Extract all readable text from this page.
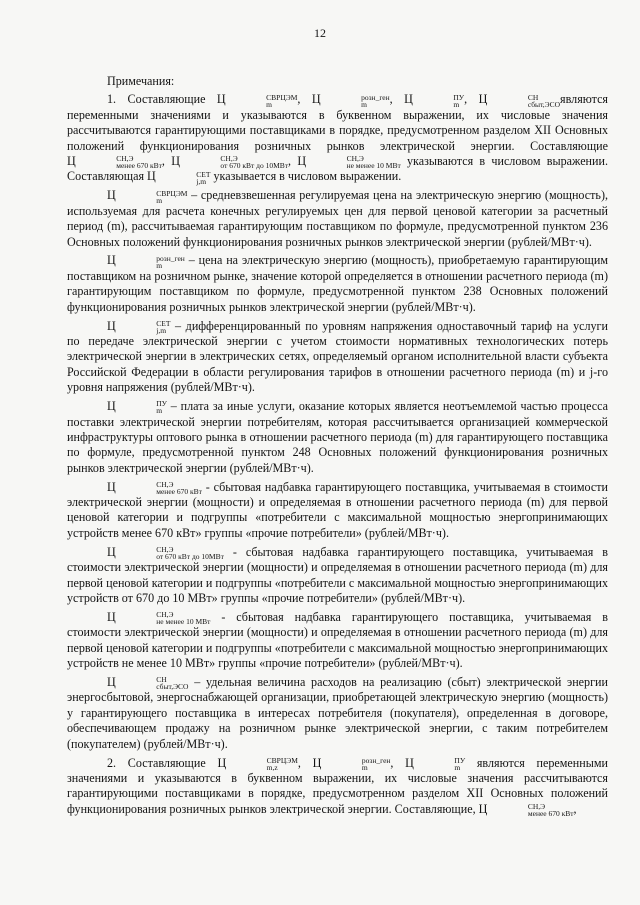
12

Примечания:

1. Составляющие Ц	СВРЦЭМ
m	, Ц	розн_ген
m	, Ц	ПУ
m , Ц	СН
сбыт,ЭСО являются переменными значениями и указываются в буквенном выражении, их числовые значения рассчитываются гарантирующими поставщиками в порядке, предусмотренном разделом XII Основных положений функционирования розничных рынков электрической энергии. Составляющие Ц	СН,Э
менее 670 кВт , Ц	СН,Э
от 670 кВт до 10МВт , Ц	СН,Э
не менее 10 МВт указываются в числовом выражении. Составляющая Ц	СЕТ
j,m указывается в числовом выражении.

Ц	СВРЦЭМ
m	– средневзвешенная регулируемая цена на электрическую энергию (мощность), используемая для расчета конечных регулируемых цен для первой ценовой категории за расчетный период (m), рассчитываемая гарантирующим поставщиком по формуле, предусмотренной пунктом 236 Основных положений функционирования розничных рынков электрической энергии (рублей/МВт·ч).

Ц	розн_ген
m	– цена на электрическую энергию (мощность), приобретаемую гарантирующим поставщиком на розничном рынке, значение которой определяется в отношении расчетного периода (m) гарантирующим поставщиком по формуле, предусмотренной пунктом 238 Основных положений функционирования розничных рынков электрической энергии (рублей/МВт·ч).

Ц	СЕТ
j,m – дифференцированный по уровням напряжения одноставочный тариф на услуги по передаче электрической энергии с учетом стоимости нормативных технологических потерь электрической энергии в электрических сетях, определяемый органом исполнительной власти субъекта Российской Федерации в области регулирования тарифов в отношении расчетного периода (m) и j-го уровня напряжения (рублей/МВт·ч).

Ц	ПУ
m – плата за иные услуги, оказание которых является неотъемлемой частью процесса поставки электрической энергии потребителям, которая рассчитывается организацией коммерческой инфраструктуры оптового рынка в отношении расчетного периода (m) для гарантирующего поставщика по формуле, предусмотренной пунктом 248 Основных положений функционирования розничных рынков электрической энергии (рублей/МВт·ч).

Ц	СН,Э
менее 670 кВт - сбытовая надбавка гарантирующего поставщика, учитываемая в стоимости электрической энергии (мощности) и определяемая в отношении расчетного периода (m) для первой ценовой категории и подгруппы «потребители с максимальной мощностью энергопринимающих устройств менее 670 кВт» группы «прочие потребители» (рублей/МВт·ч).

Ц	СН,Э
от 670 кВт до 10МВт - сбытовая надбавка гарантирующего поставщика, учитываемая в стоимости электрической энергии (мощности) и определяемая в отношении расчетного периода (m) для первой ценовой категории и подгруппы «потребители с максимальной мощностью энергопринимающих устройств от 670 до 10 МВт» группы «прочие потребители» (рублей/МВт·ч).

Ц	СН,Э
не менее 10 МВт - сбытовая надбавка гарантирующего поставщика, учитываемая в стоимости электрической энергии (мощности) и определяемая в отношении расчетного периода (m) для первой ценовой категории и подгруппы «потребители с максимальной мощностью энергопринимающих устройств не менее 10 МВт» группы «прочие потребители» (рублей/МВт·ч).

Ц	СН
сбыт,ЭСО – удельная величина расходов на реализацию (сбыт) электрической энергии энергосбытовой, энергоснабжающей организации, приобретающей электрическую энергию (мощность) у гарантирующего поставщика в интересах потребителя (покупателя), определенная в договоре, обеспечивающем продажу на розничном рынке электрической энергии, с таким потребителем (покупателем) (рублей/МВт·ч).

2. Составляющие Ц	СВРЦЭМ
m,z	, Ц	розн_ген
m	, Ц	ПУ
m	являются переменными значениями и указываются в буквенном выражении, их числовые значения рассчитываются гарантирующими поставщиками в порядке, предусмотренном разделом XII Основных положений функционирования розничных рынков электрической энергии. Составляющие, Ц	СН,Э
менее 670 кВт ,
